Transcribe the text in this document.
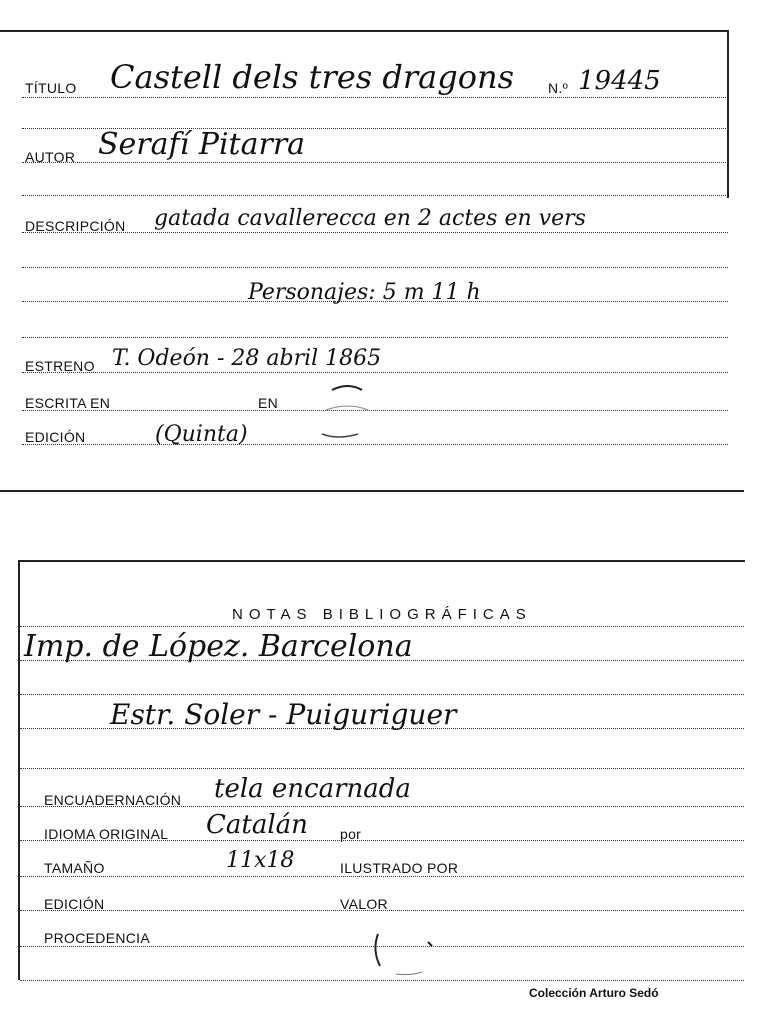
TÍTULO Castell dels tres dragons N.º 19445
AUTOR Serafí Pitarra
DESCRIPCIÓN gatada cavallerecca en 2 actes en vers
Personajes: 5 m 11 h
ESTRENO T. Odeón - 28 abril 1865
ESCRITA EN	EN
EDICIÓN	(Quinta)
NOTAS BIBLIOGRÁFICAS
Imp. de López. Barcelona
Estr. Soler - Puiguriguer
ENCUADERNACIÓN tela encarnada
IDIOMA ORIGINAL Catalán por
TAMAÑO	11x18	ILUSTRADO POR
EDICIÓN	VALOR
PROCEDENCIA
Colección Arturo Sedó
